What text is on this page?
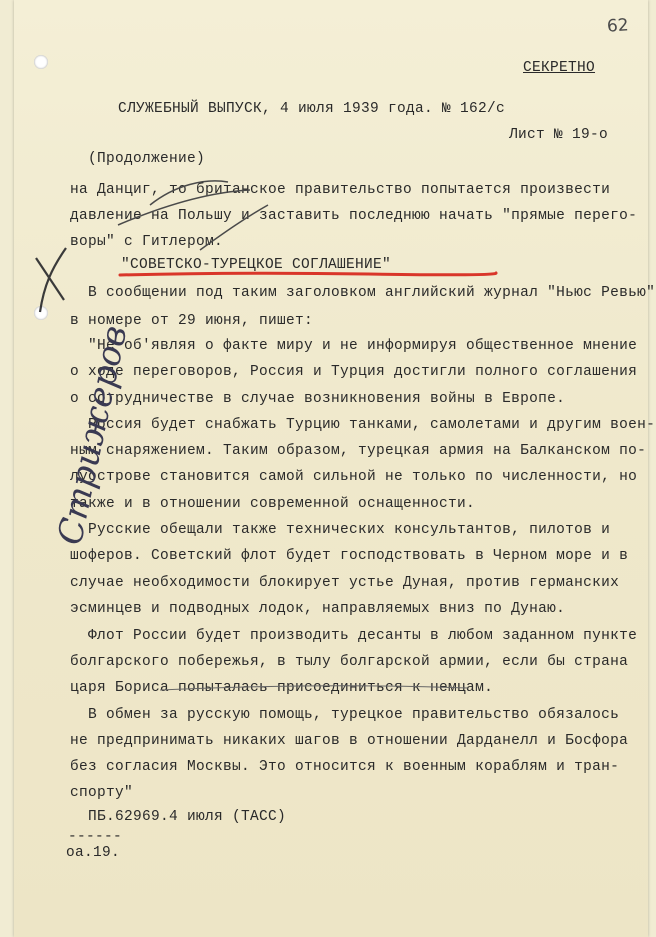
62
СЕКРЕТНО
СЛУЖЕБНЫЙ ВЫПУСК, 4 июля 1939 года. № 162/с
Лист № 19-о
(Продолжение)
на Данциг, то британское правительство попытается произвести
давление на Польшу и заставить последнюю начать "прямые перего-
воры" с Гитлером.
В сообщении под таким заголовком английский журнал "Ньюс Ревью"
в номере от 29 июня, пишет:
"Не об'являя о факте миру и не информируя общественное мнение
о ходе переговоров, Россия и Турция достигли полного соглашения
о сотрудничестве в случае возникновения войны в Европе.
Россия будет снабжать Турцию танками, самолетами и другим воен-
ным снаряжением. Таким образом, турецкая армия на Балканском по-
луострове становится самой сильной не только по численности, но
также и в отношении современной оснащенности.
Русские обещали также технических консультантов, пилотов и
шоферов. Советский флот будет господствовать в Черном море и в
случае необходимости блокирует устье Дуная, против германских
эсминцев и подводных лодок, направляемых вниз по Дунаю.
Флот России будет производить десанты в любом заданном пункте
болгарского побережья, в тылу болгарской армии, если бы страна
царя Бориса попыталась присоединиться к немцам.
В обмен за русскую помощь, турецкое правительство обязалось
не предпринимать никаких шагов в отношении Дарданелл и Босфора
без согласия Москвы. Это относится к военным кораблям и тран-
спорту"
ПБ.62969.4 июля (ТАСС)
------
оа.19.
"СОВЕТСКО-ТУРЕЦКОЕ СОГЛАШЕНИЕ"
Стрижеров
